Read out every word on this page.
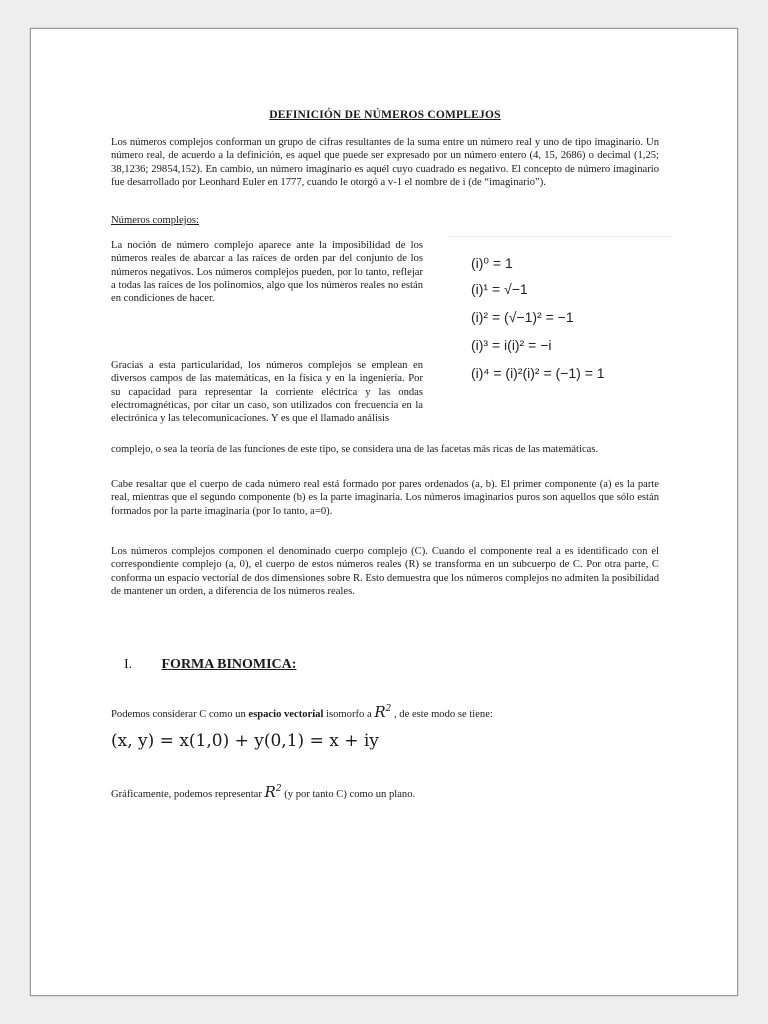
DEFINICIÓN DE NÚMEROS COMPLEJOS

Los números complejos conforman un grupo de cifras resultantes de la suma entre un número real y uno de tipo imaginario. Un número real, de acuerdo a la definición, es aquel que puede ser expresado por un número entero (4, 15, 2686) o decimal (1,25; 38,1236; 29854,152). En cambio, un número imaginario es aquél cuyo cuadrado es negativo. El concepto de número imaginario fue desarrollado por Leonhard Euler en 1777, cuando le otorgó a v-1 el nombre de i (de “imaginario”).

Números complejos:

La noción de número complejo aparece ante la imposibilidad de los números reales de abarcar a las raíces de orden par del conjunto de los números negativos. Los números complejos pueden, por lo tanto, reflejar a todas las raíces de los polinomios, algo que los números reales no están en condiciones de hacer.

(i)⁰ = 1
(i)¹ = √−1
(i)² = (√−1)² = −1
(i)³ = i(i)² = −i
(i)⁴ = (i)²(i)² = (−1) = 1

Gracias a esta particularidad, los números complejos se emplean en diversos campos de las matemáticas, en la física y en la ingeniería. Por su capacidad para representar la corriente eléctrica y las ondas electromagnéticas, por citar un caso, son utilizados con frecuencia en la electrónica y las telecomunicaciones. Y es que el llamado análisis

complejo, o sea la teoría de las funciones de este tipo, se considera una de las facetas más ricas de las matemáticas.

Cabe resaltar que el cuerpo de cada número real está formado por pares ordenados (a, b). El primer componente (a) es la parte real, mientras que el segundo componente (b) es la parte imaginaria. Los números imaginarios puros son aquellos que sólo están formados por la parte imaginaria (por lo tanto, a=0).

Los números complejos componen el denominado cuerpo complejo (C). Cuando el componente real a es identificado con el correspondiente complejo (a, 0), el cuerpo de estos números reales (R) se transforma en un subcuerpo de C. Por otra parte, C conforma un espacio vectorial de dos dimensiones sobre R. Esto demuestra que los números complejos no admiten la posibilidad de mantener un orden, a diferencia de los números reales.

I. FORMA BINOMICA:
Podemos considerar C como un espacio vectorial isomorfo a $R^2$ , de este modo se tiene:
(x, y) = x(1,0) + y(0,1) = x + iy
Gráficamente, podemos representar $R^2$ (y por tanto C) como un plano.
